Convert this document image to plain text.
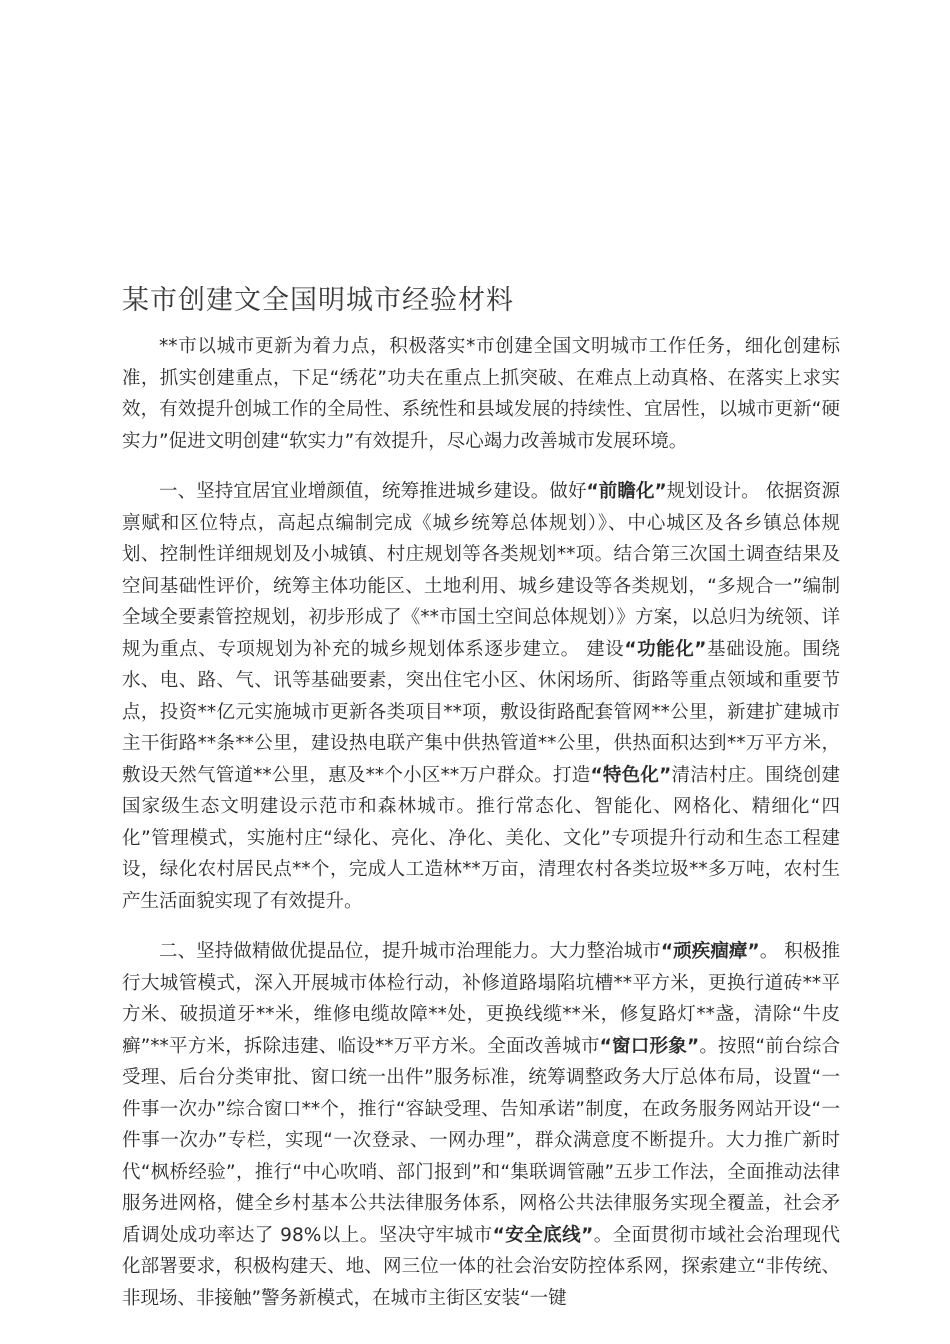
某市创建文全国明城市经验材料

**市以城市更新为着力点，积极落实*市创建全国文明城市工作任务，细化创建标准，抓实创建重点，下足“绣花”功夫在重点上抓突破、在难点上动真格、在落实上求实效，有效提升创城工作的全局性、系统性和县域发展的持续性、宜居性，以城市更新“硬实力”促进文明创建“软实力”有效提升，尽心竭力改善城市发展环境。

一、坚持宜居宜业增颜值，统筹推进城乡建设。做好“前瞻化”规划设计。 依据资源禀赋和区位特点，高起点编制完成《城乡统筹总体规划）》、中心城区及各乡镇总体规划、控制性详细规划及小城镇、村庄规划等各类规划**项。结合第三次国土调查结果及空间基础性评价，统筹主体功能区、土地利用、城乡建设等各类规划，“多规合一”编制全域全要素管控规划，初步形成了《**市国土空间总体规划）》方案，以总归为统领、详规为重点、专项规划为补充的城乡规划体系逐步建立。 建设“功能化”基础设施。围绕水、电、路、气、讯等基础要素，突出住宅小区、休闲场所、街路等重点领域和重要节点，投资**亿元实施城市更新各类项目**项，敷设街路配套管网**公里，新建扩建城市主干街路**条**公里，建设热电联产集中供热管道**公里，供热面积达到**万平方米，敷设天然气管道**公里，惠及**个小区**万户群众。打造“特色化”清洁村庄。围绕创建国家级生态文明建设示范市和森林城市。推行常态化、智能化、网格化、精细化“四化”管理模式，实施村庄“绿化、亮化、净化、美化、文化”专项提升行动和生态工程建设，绿化农村居民点**个，完成人工造林**万亩，清理农村各类垃圾**多万吨，农村生产生活面貌实现了有效提升。

二、坚持做精做优提品位，提升城市治理能力。大力整治城市“顽疾痼瘴”。 积极推行大城管模式，深入开展城市体检行动，补修道路塌陷坑槽**平方米，更换行道砖**平方米、破损道牙**米，维修电缆故障**处，更换线缆**米，修复路灯**盏，清除“牛皮癣”**平方米，拆除违建、临设**万平方米。全面改善城市“窗口形象”。按照“前台综合受理、后台分类审批、窗口统一出件”服务标准，统筹调整政务大厅总体布局，设置“一件事一次办”综合窗口**个，推行“容缺受理、告知承诺”制度，在政务服务网站开设“一件事一次办”专栏，实现“一次登录、一网办理”，群众满意度不断提升。大力推广新时代“枫桥经验”，推行“中心吹哨、部门报到”和“集联调管融”五步工作法，全面推动法律服务进网格，健全乡村基本公共法律服务体系，网格公共法律服务实现全覆盖，社会矛盾调处成功率达了 98%以上。坚决守牢城市“安全底线”。全面贯彻市域社会治理现代化部署要求，积极构建天、地、网三位一体的社会治安防控体系网，探索建立“非传统、非现场、非接触”警务新模式，在城市主街区安装“一键
